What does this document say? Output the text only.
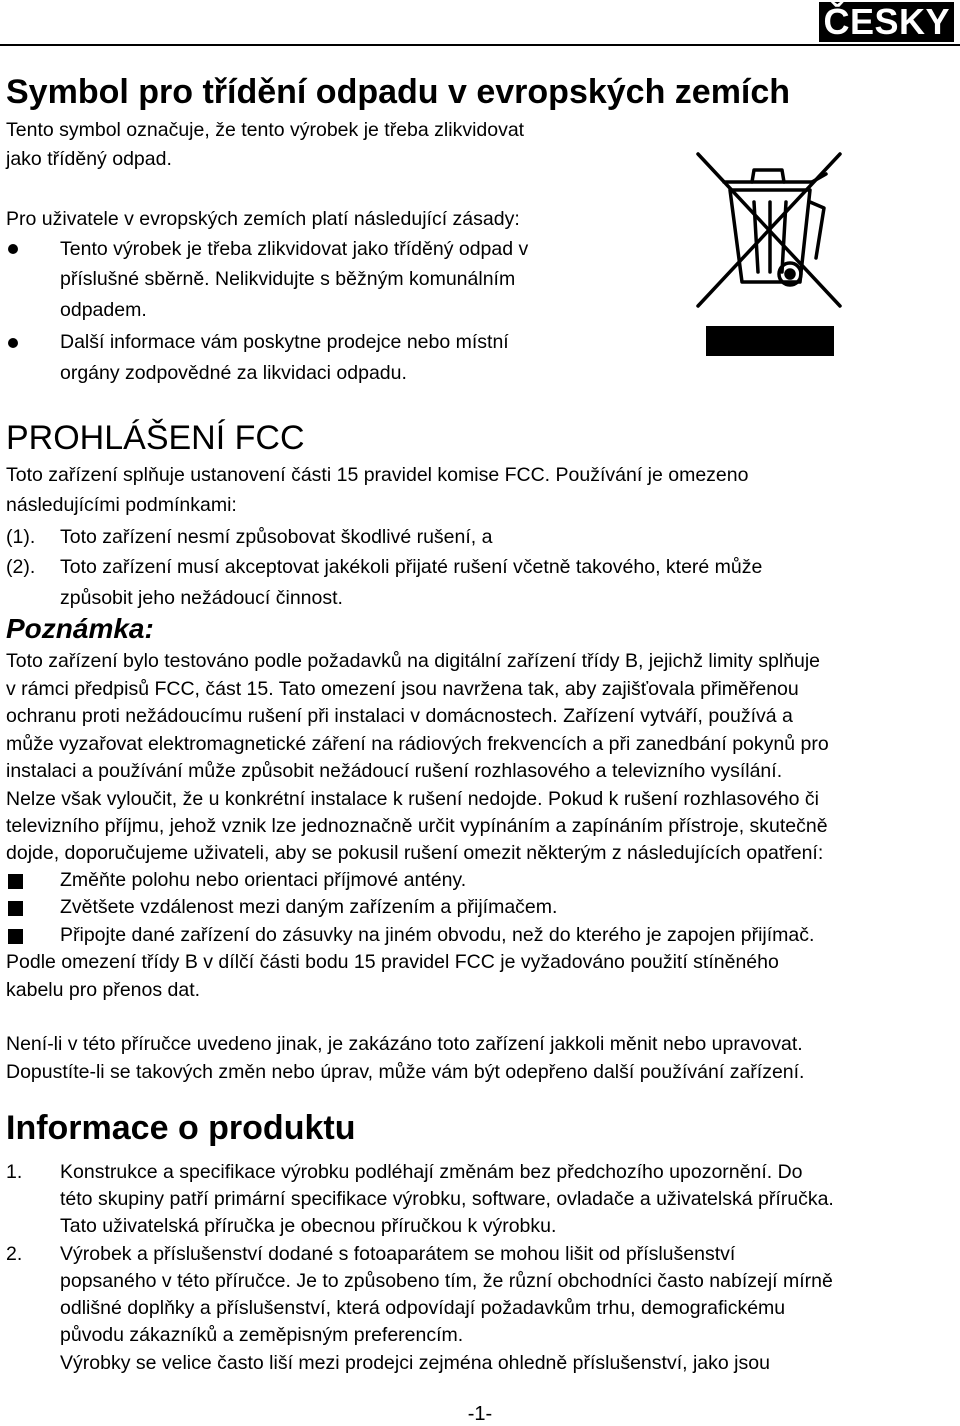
ČESKY
Symbol pro třídění odpadu v evropských zemích
Tento symbol označuje, že tento výrobek je třeba zlikvidovat
jako tříděný odpad.
Pro uživatele v evropských zemích platí následující zásady:
Tento výrobek je třeba zlikvidovat jako tříděný odpad v
příslušné sběrně. Nelikvidujte s běžným komunálním
odpadem.
Další informace vám poskytne prodejce nebo místní
orgány zodpovědné za likvidaci odpadu.
PROHLÁŠENÍ FCC
Toto zařízení splňuje ustanovení části 15 pravidel komise FCC. Používání je omezeno
následujícími podmínkami:
(1). Toto zařízení nesmí způsobovat škodlivé rušení, a
(2). Toto zařízení musí akceptovat jakékoli přijaté rušení včetně takového, které může
způsobit jeho nežádoucí činnost.
Poznámka:
Toto zařízení bylo testováno podle požadavků na digitální zařízení třídy B, jejichž limity splňuje
v rámci předpisů FCC, část 15. Tato omezení jsou navržena tak, aby zajišťovala přiměřenou
ochranu proti nežádoucímu rušení při instalaci v domácnostech. Zařízení vytváří, používá a
může vyzařovat elektromagnetické záření na rádiových frekvencích a při zanedbání pokynů pro
instalaci a používání může způsobit nežádoucí rušení rozhlasového a televizního vysílání.
Nelze však vyloučit, že u konkrétní instalace k rušení nedojde. Pokud k rušení rozhlasového či
televizního příjmu, jehož vznik lze jednoznačně určit vypínáním a zapínáním přístroje, skutečně
dojde, doporučujeme uživateli, aby se pokusil rušení omezit některým z následujících opatření:
Změňte polohu nebo orientaci příjmové antény.
Zvětšete vzdálenost mezi daným zařízením a přijímačem.
Připojte dané zařízení do zásuvky na jiném obvodu, než do kterého je zapojen přijímač.
Podle omezení třídy B v dílčí části bodu 15 pravidel FCC je vyžadováno použití stíněného
kabelu pro přenos dat.
Není-li v této příručce uvedeno jinak, je zakázáno toto zařízení jakkoli měnit nebo upravovat.
Dopustíte-li se takových změn nebo úprav, může vám být odepřeno další používání zařízení.
Informace o produktu
1. Konstrukce a specifikace výrobku podléhají změnám bez předchozího upozornění. Do
této skupiny patří primární specifikace výrobku, software, ovladače a uživatelská příručka.
Tato uživatelská příručka je obecnou příručkou k výrobku.
2. Výrobek a příslušenství dodané s fotoaparátem se mohou lišit od příslušenství
popsaného v této příručce. Je to způsobeno tím, že různí obchodníci často nabízejí mírně
odlišné doplňky a příslušenství, která odpovídají požadavkům trhu, demografickému
původu zákazníků a zeměpisným preferencím.
Výrobky se velice často liší mezi prodejci zejména ohledně příslušenství, jako jsou
-1-
